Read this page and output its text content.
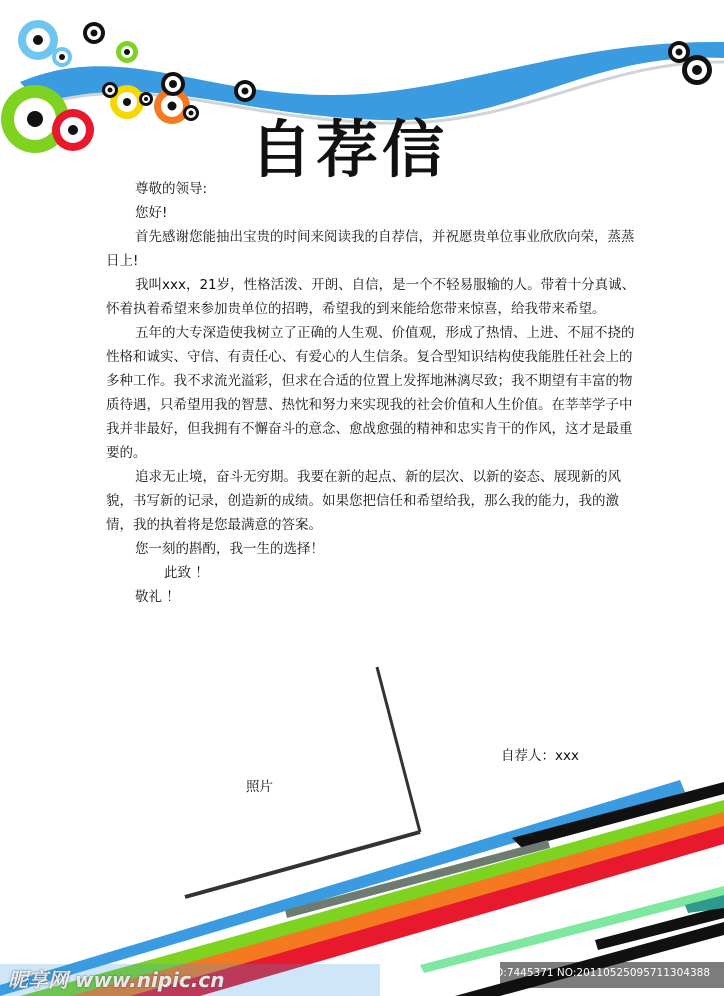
自荐信

尊敬的领导:

您好!

首先感谢您能抽出宝贵的时间来阅读我的自荐信，并祝愿贵单位事业欣欣向荣，蒸蒸日上!

我叫xxx，21岁，性格活泼、开朗、自信，是一个不轻易服输的人。带着十分真诚、怀着执着希望来参加贵单位的招聘，希望我的到来能给您带来惊喜，给我带来希望。

五年的大专深造使我树立了正确的人生观、价值观，形成了热情、上进、不屈不挠的性格和诚实、守信、有责任心、有爱心的人生信条。复合型知识结构使我能胜任社会上的多种工作。我不求流光溢彩，但求在合适的位置上发挥地淋漓尽致；我不期望有丰富的物质待遇，只希望用我的智慧、热忱和努力来实现我的社会价值和人生价值。在莘莘学子中我并非最好，但我拥有不懈奋斗的意念、愈战愈强的精神和忠实肯干的作风，这才是最重要的。

追求无止境，奋斗无穷期。我要在新的起点、新的层次、以新的姿态、展现新的风貌，书写新的记录，创造新的成绩。如果您把信任和希望给我，那么我的能力，我的激情，我的执着将是您最满意的答案。

您一刻的斟酌，我一生的选择！

此致 ！

敬礼 ！

自荐人：xxx
照片
昵享网 www.nipic.cn	ID:7445371 NO:20110525095711304388
